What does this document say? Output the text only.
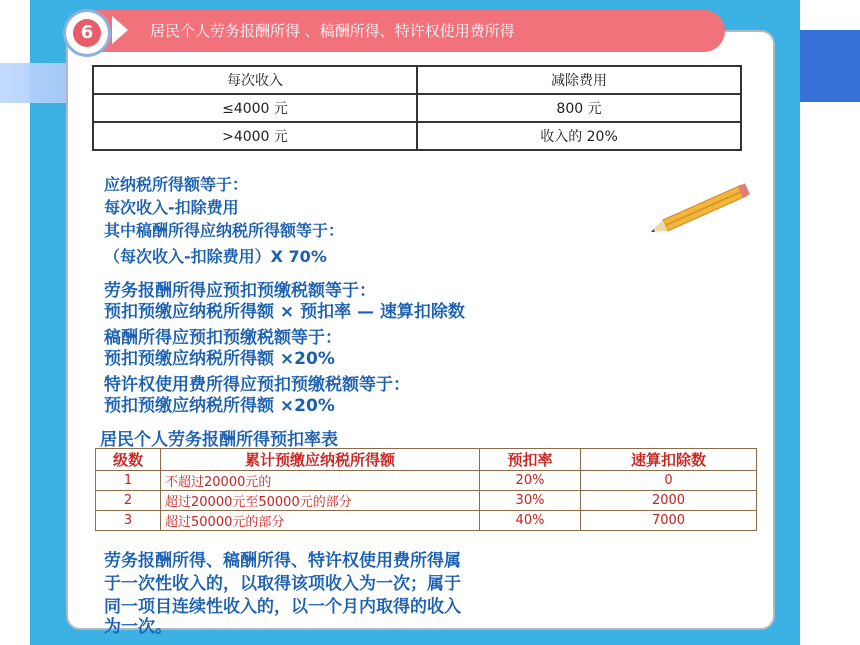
6	居民个人劳务报酬所得 、稿酬所得、特许权使用费所得
每次收入	减除费用
≤4000 元	800 元
>4000 元	收入的 20%
应纳税所得额等于：
每次收入-扣除费用
其中稿酬所得应纳税所得额等于：
（每次收入-扣除费用）X 70%
劳务报酬所得应预扣预缴税额等于：
预扣预缴应纳税所得额 × 预扣率 — 速算扣除数
稿酬所得应预扣预缴税额等于：
预扣预缴应纳税所得额 ×20%
特许权使用费所得应预扣预缴税额等于：
预扣预缴应纳税所得额 ×20%
居民个人劳务报酬所得预扣率表
级数	累计预缴应纳税所得额	预扣率	速算扣除数
1	不超过20000元的	20%	0
2	超过20000元至50000元的部分	30%	2000
3	超过50000元的部分	40%	7000
劳务报酬所得、稿酬所得、特许权使用费所得属
于一次性收入的，以取得该项收入为一次；属于
同一项目连续性收入的，以一个月内取得的收入
为一次。
